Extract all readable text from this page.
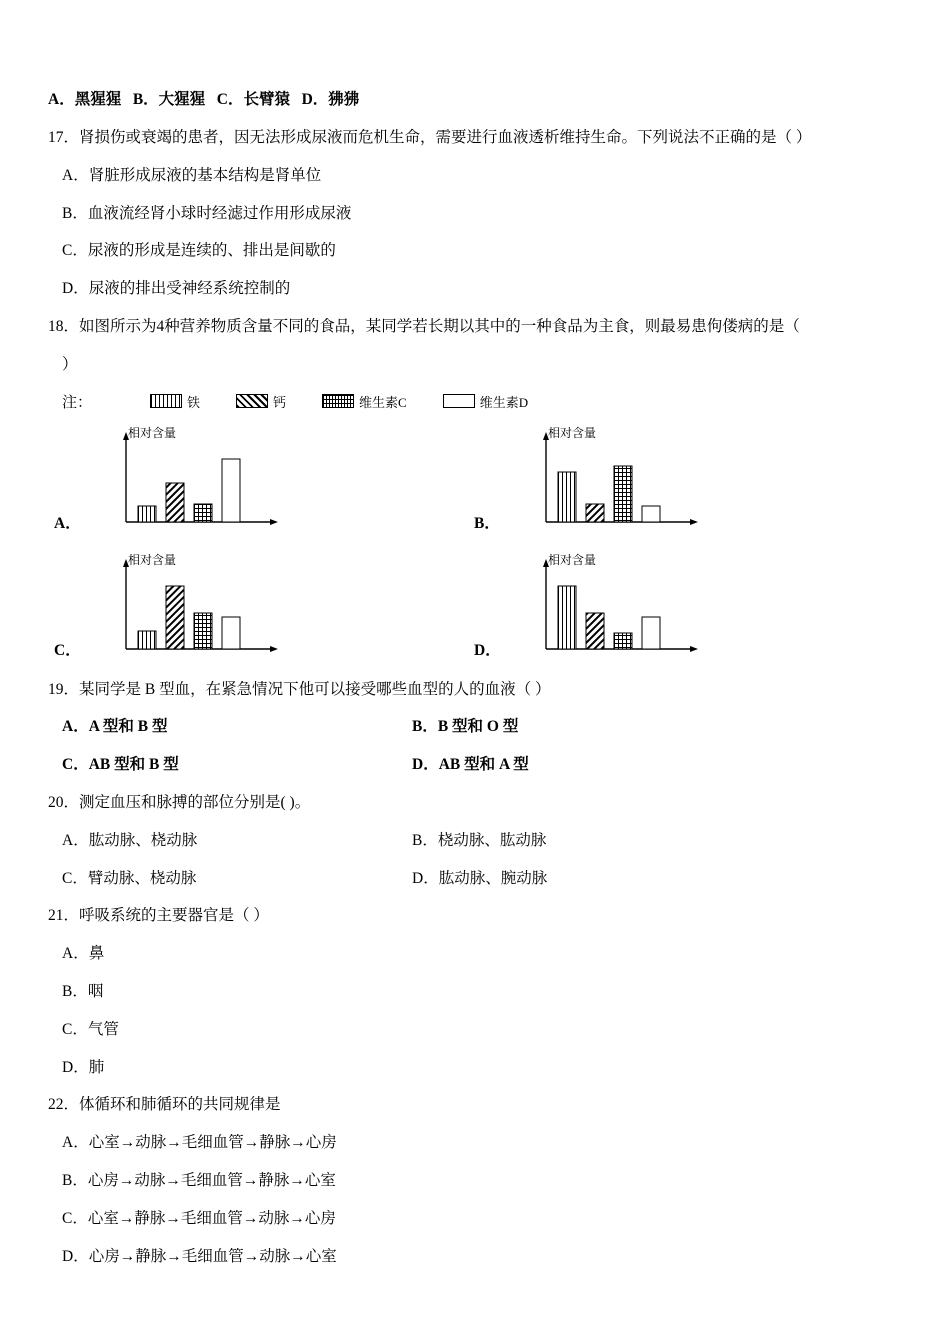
A．黑猩猩   B．大猩猩   C．长臂猿   D．狒狒

17．肾损伤或衰竭的患者，因无法形成尿液而危机生命，需要进行血液透析维持生命。下列说法不正确的是（ ）

A．肾脏形成尿液的基本结构是肾单位

B．血液流经肾小球时经滤过作用形成尿液

C．尿液的形成是连续的、排出是间歇的

D．尿液的排出受神经系统控制的

18．如图所示为4种营养物质含量不同的食品，某同学若长期以其中的一种食品为主食，则最易患佝偻病的是（

）

注：	铁	钙	维生素C	维生素D
A．
相对含量
B．
相对含量
C．
相对含量
D．
相对含量

19．某同学是 B 型血，在紧急情况下他可以接受哪些血型的人的血液（ ）

A．A 型和 B 型	B．B 型和 O 型
C．AB 型和 B 型	D．AB 型和 A 型

20．测定血压和脉搏的部位分别是( )。

A．肱动脉、桡动脉	B．桡动脉、肱动脉
C．臂动脉、桡动脉	D．肱动脉、腕动脉

21．呼吸系统的主要器官是（ ）

A．鼻

B．咽

C．气管

D．肺

22．体循环和肺循环的共同规律是

A．心室→动脉→毛细血管→静脉→心房

B．心房→动脉→毛细血管→静脉→心室

C．心室→静脉→毛细血管→动脉→心房

D．心房→静脉→毛细血管→动脉→心室
